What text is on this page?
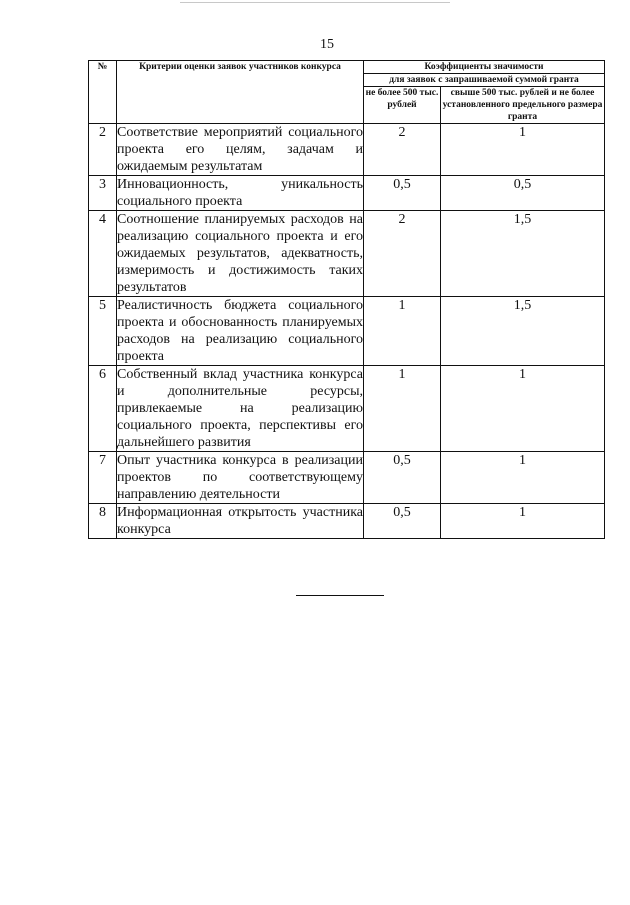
15
№	Критерии оценки заявок участников конкурса	Коэффициенты значимости	

		для заявок с запрашиваемой суммой гранта	
		не более 500 тыс. рублей	свыше 500 тыс. рублей и не более установленного предельного размера гранта
2	Соответствие мероприятий социального проекта его целям, задачам и ожидаемым результатам	2	1
3	Инновационность, уникальность социального проекта	0,5	0,5
4	Соотношение планируемых расходов на реализацию социального проекта и его ожидаемых результатов, адекватность, измеримость и достижимость таких результатов	2	1,5
5	Реалистичность бюджета социального проекта и обоснованность планируемых расходов на реализацию социального проекта	1	1,5
6	Собственный вклад участника конкурса и дополнительные ресурсы, привлекаемые на реализацию социального проекта, перспективы его дальнейшего развития	1	1
7	Опыт участника конкурса в реализации проектов по соответствующему направлению деятельности	0,5	1
8	Информационная открытость участника конкурса	0,5	1
